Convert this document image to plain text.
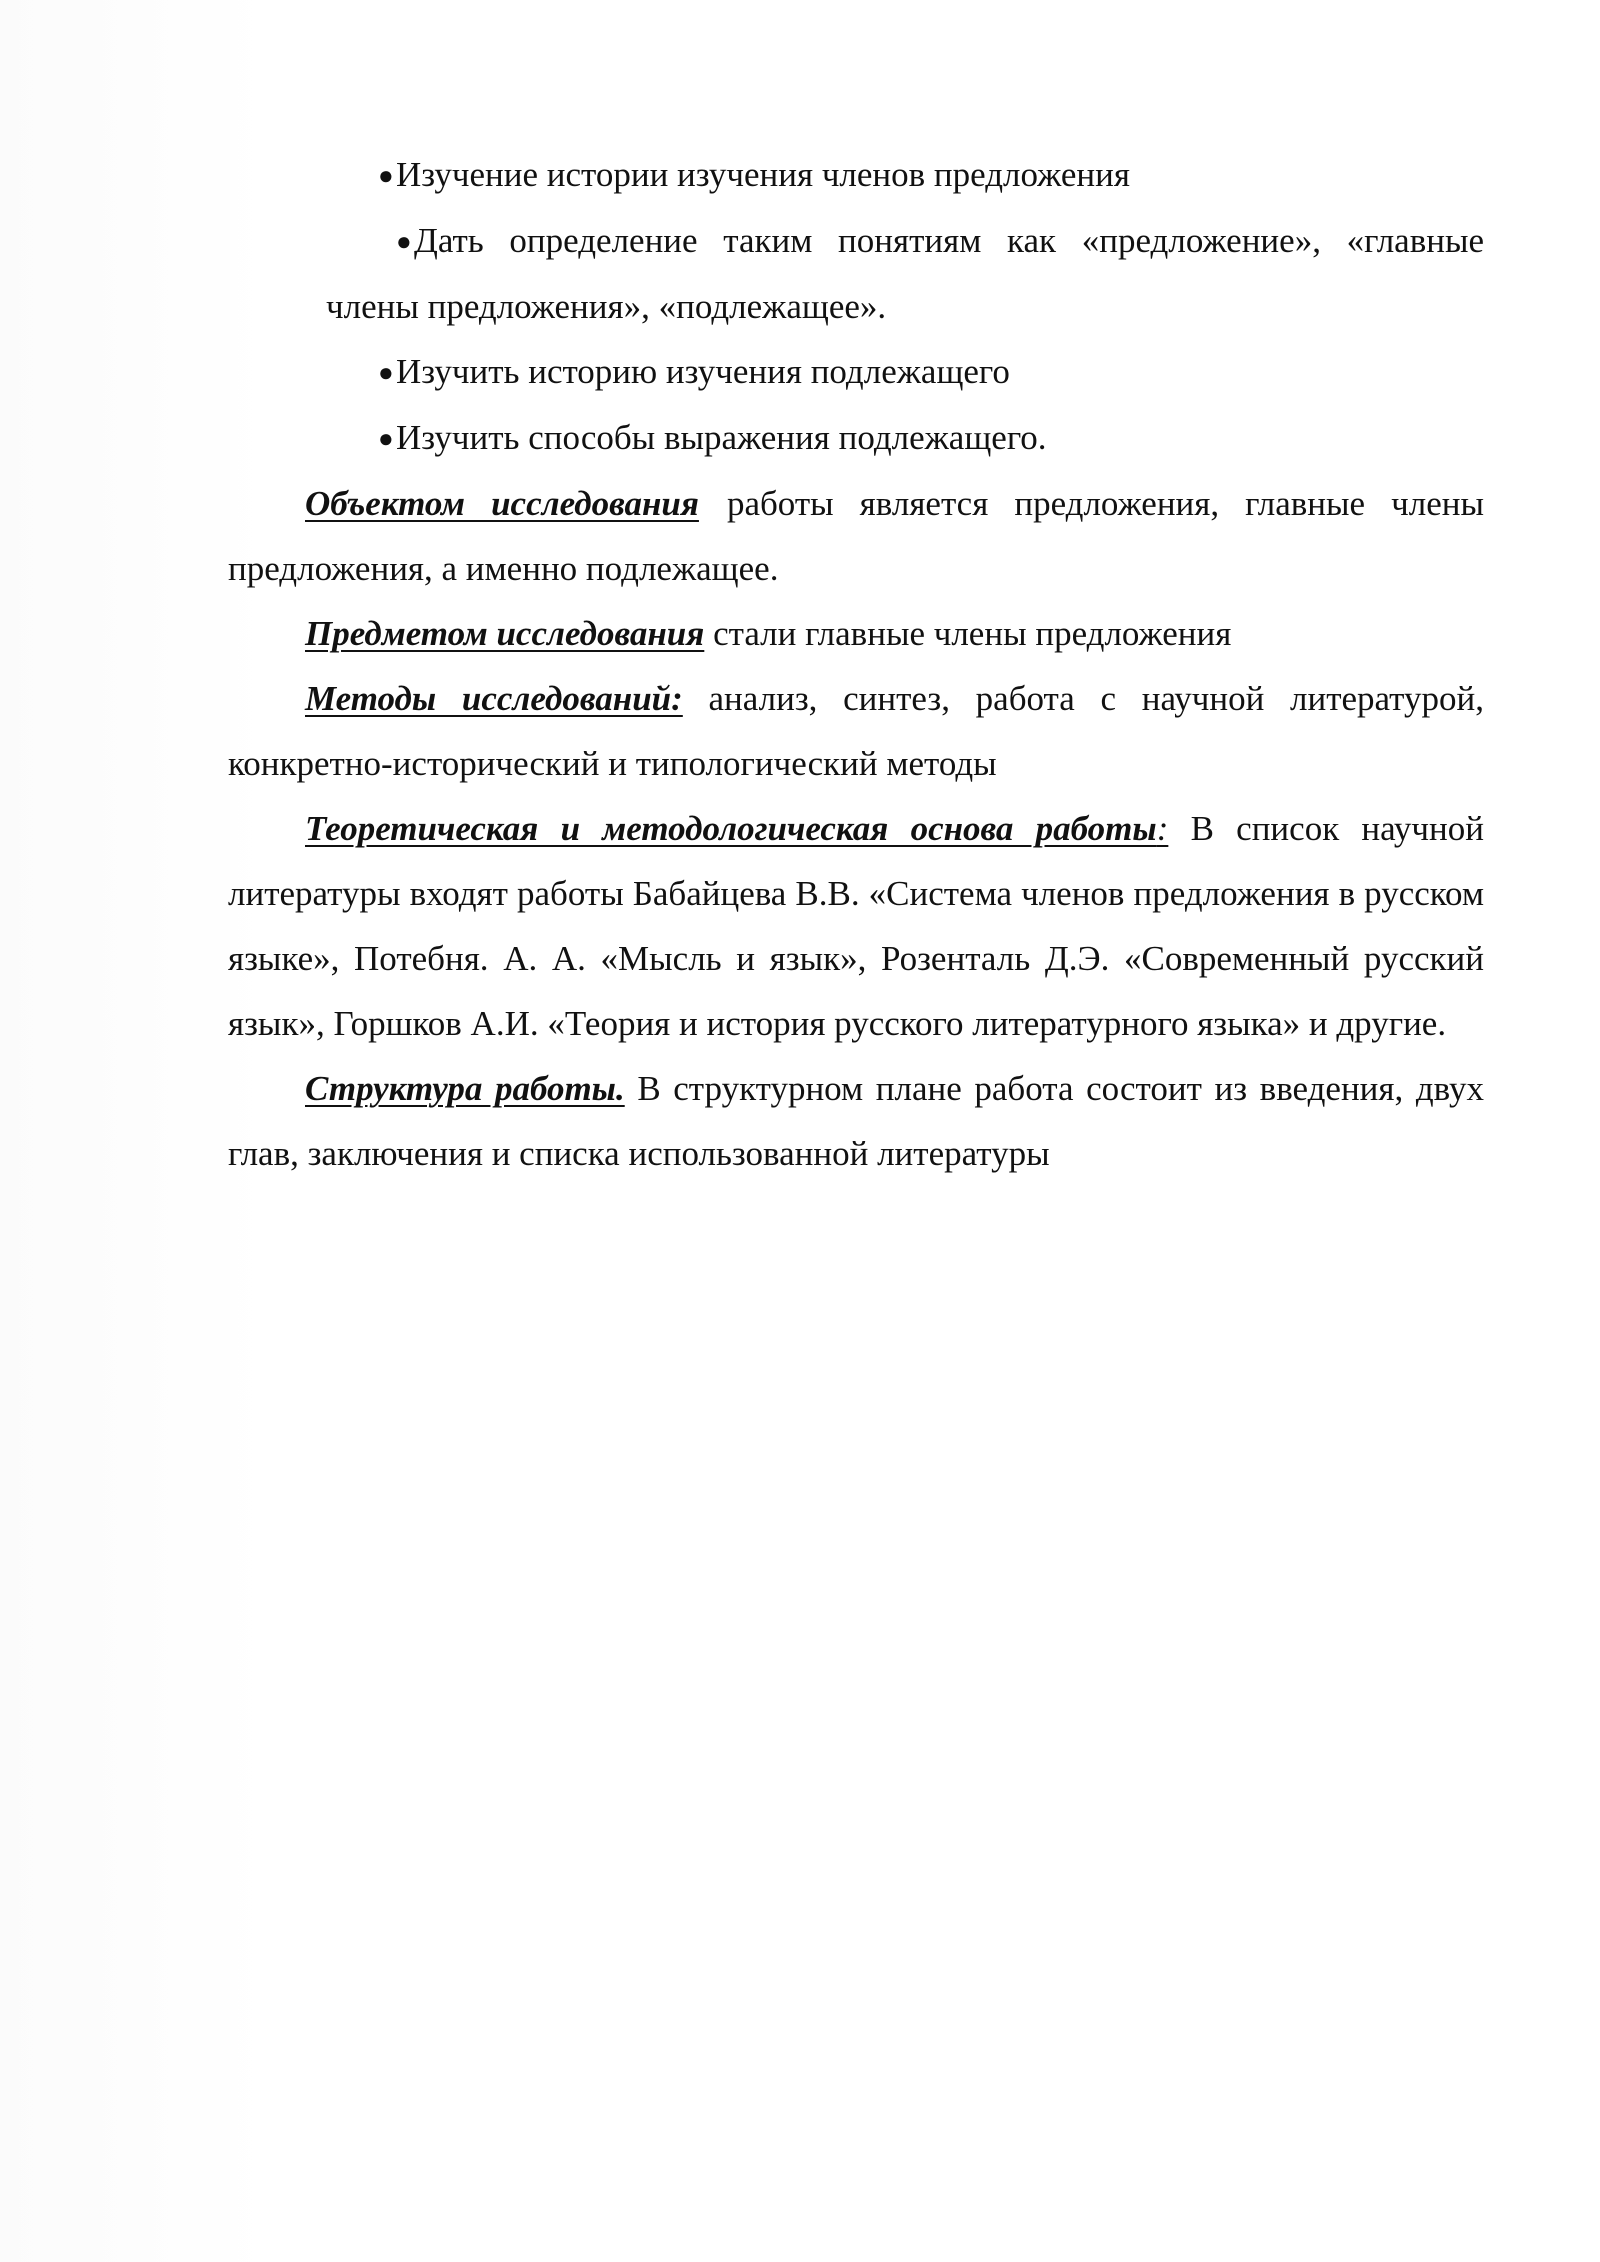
●Изучение истории изучения членов предложения

●Дать определение таким понятиям как «предложение», «главные члены предложения», «подлежащее».

●Изучить историю изучения подлежащего

●Изучить способы выражения подлежащего.

Объектом исследования работы является предложения, главные члены предложения, а именно подлежащее.

Предметом исследования стали главные члены предложения

Методы исследований: анализ, синтез, работа с научной литературой, конкретно-исторический и типологический методы

Теоретическая и методологическая основа работы: В список научной литературы входят работы Бабайцева В.В. «Система членов предложения в русском языке», Потебня. А. А. «Мысль и язык», Розенталь Д.Э. «Современный русский язык», Горшков А.И. «Теория и история русского литературного языка» и другие.

Структура работы. В структурном плане работа состоит из введения, двух глав, заключения и списка использованной литературы
